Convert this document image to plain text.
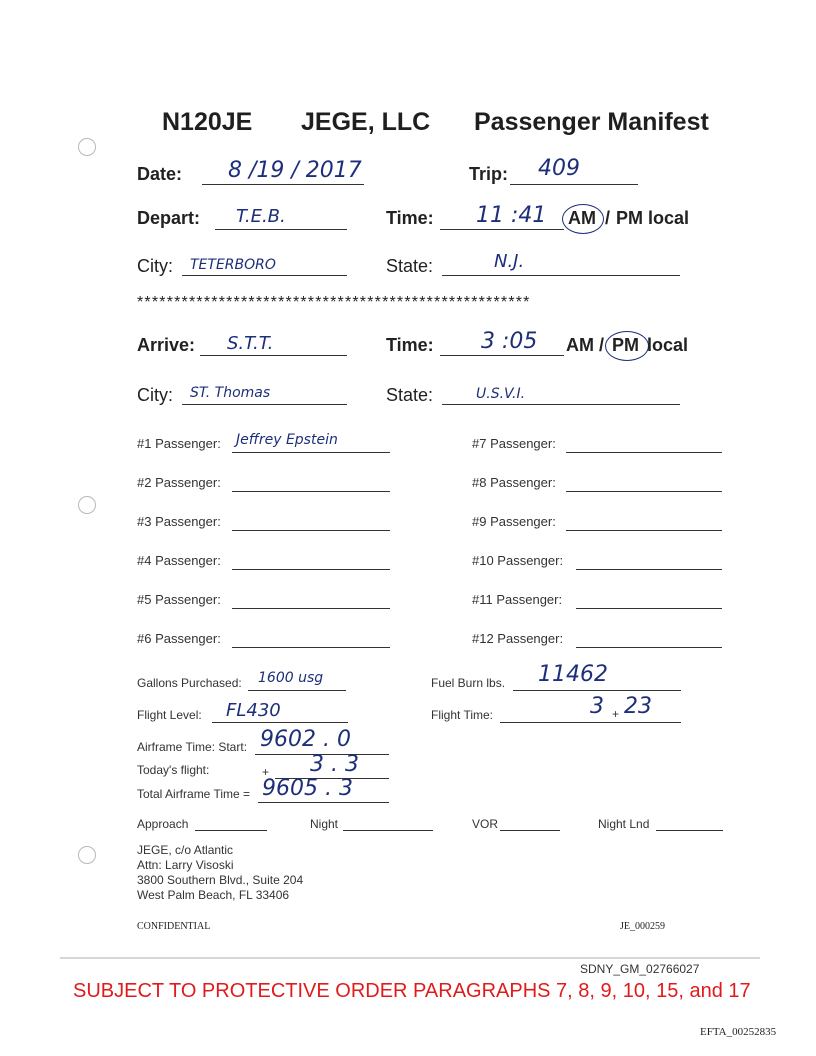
N120JE JEGE, LLC Passenger Manifest
Date: 8 /19 / 2017	Trip: 409
Depart: T.E.B.	Time: 11 :41 AM / PM local
City: TETERBORO	State:	N.J.
*****************************************************
Arrive: S.T.T.	Time: 3 :05 AM / PM local
City: ST. Thomas	State:	U.S.V.I.
#1 Passenger: Jeffrey Epstein
#2 Passenger:
#3 Passenger:
#4 Passenger:
#5 Passenger:
#6 Passenger:
#7 Passenger:
#8 Passenger:
#9 Passenger:
#10 Passenger:
#11 Passenger:
#12 Passenger:
Gallons Purchased: 1600 usg	Fuel Burn lbs. 11462
Flight Level: FL430	Flight Time:	3 + 23
Airframe Time: Start: 9602 . 0
Today's flight:	+ 3 . 3
Total Airframe Time = 9605 . 3
Approach	Night	VOR	Night Lnd
JEGE, c/o Atlantic
Attn: Larry Visoski
3800 Southern Blvd., Suite 204
West Palm Beach, FL 33406
CONFIDENTIAL	JE_000259
SDNY_GM_02766027
SUBJECT TO PROTECTIVE ORDER PARAGRAPHS 7, 8, 9, 10, 15, and 17
EFTA_00252835
